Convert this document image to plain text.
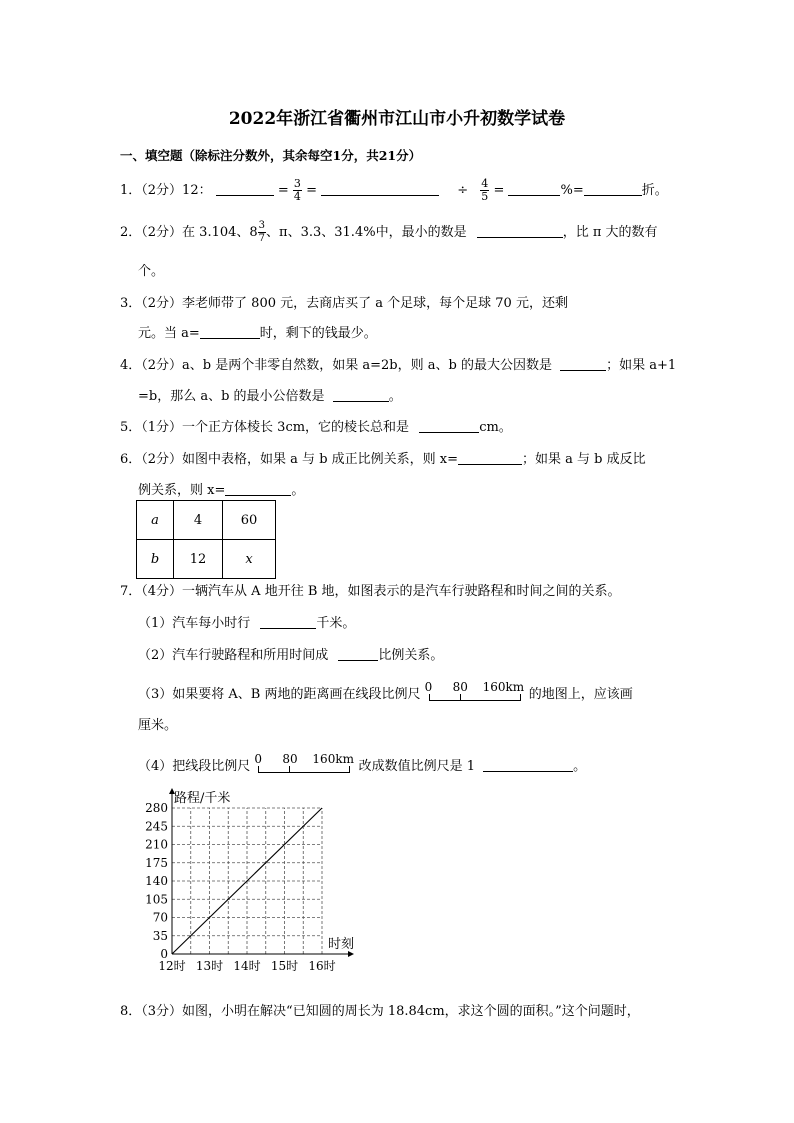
2022年浙江省衢州市江山市小升初数学试卷
一、填空题（除标注分数外，其余每空1分，共21分）
1．（2分）12：	= $\frac{3}{4}$ =	÷ $\frac{4}{5}$ =	%=	折。
2．（2分）在 3.104、$8 \frac{3}{7}$ 、π、3.3、31.4%中，最小的数是	，比 π 大的数有
个。
3．（2分）李老师带了 800 元，去商店买了 a 个足球，每个足球 70 元，还剩
元。当 a=	时，剩下的钱最少。
4．（2分）a、b 是两个非零自然数，如果 a=2b，则 a、b 的最大公因数是	；如果 a+1
=b，那么 a、b 的最小公倍数是	。
5．（1分）一个正方体棱长 3cm，它的棱长总和是	cm。
6．（2分）如图中表格，如果 a 与 b 成正比例关系，则 x=	；如果 a 与 b 成反比
例关系，则 x=	。
a	4	60
b	12	x
7．（4分）一辆汽车从 A 地开往 B 地，如图表示的是汽车行驶路程和时间之间的关系。
（1）汽车每小时行	千米。
（2）汽车行驶路程和所用时间成	比例关系。
（3）如果要将 A、B 两地的距离画在线段比例尺 0 80 160km 的地图上，应该画
厘米。
（4）把线段比例尺 0 80 160km 改成数值比例尺是 1	。
0
35
70
105
140
175
210
245
280
12时 13时 14时 15时 16时
路程/千米
时刻
8．（3分）如图，小明在解决“已知圆的周长为 18.84cm，求这个圆的面积。”这个问题时，
